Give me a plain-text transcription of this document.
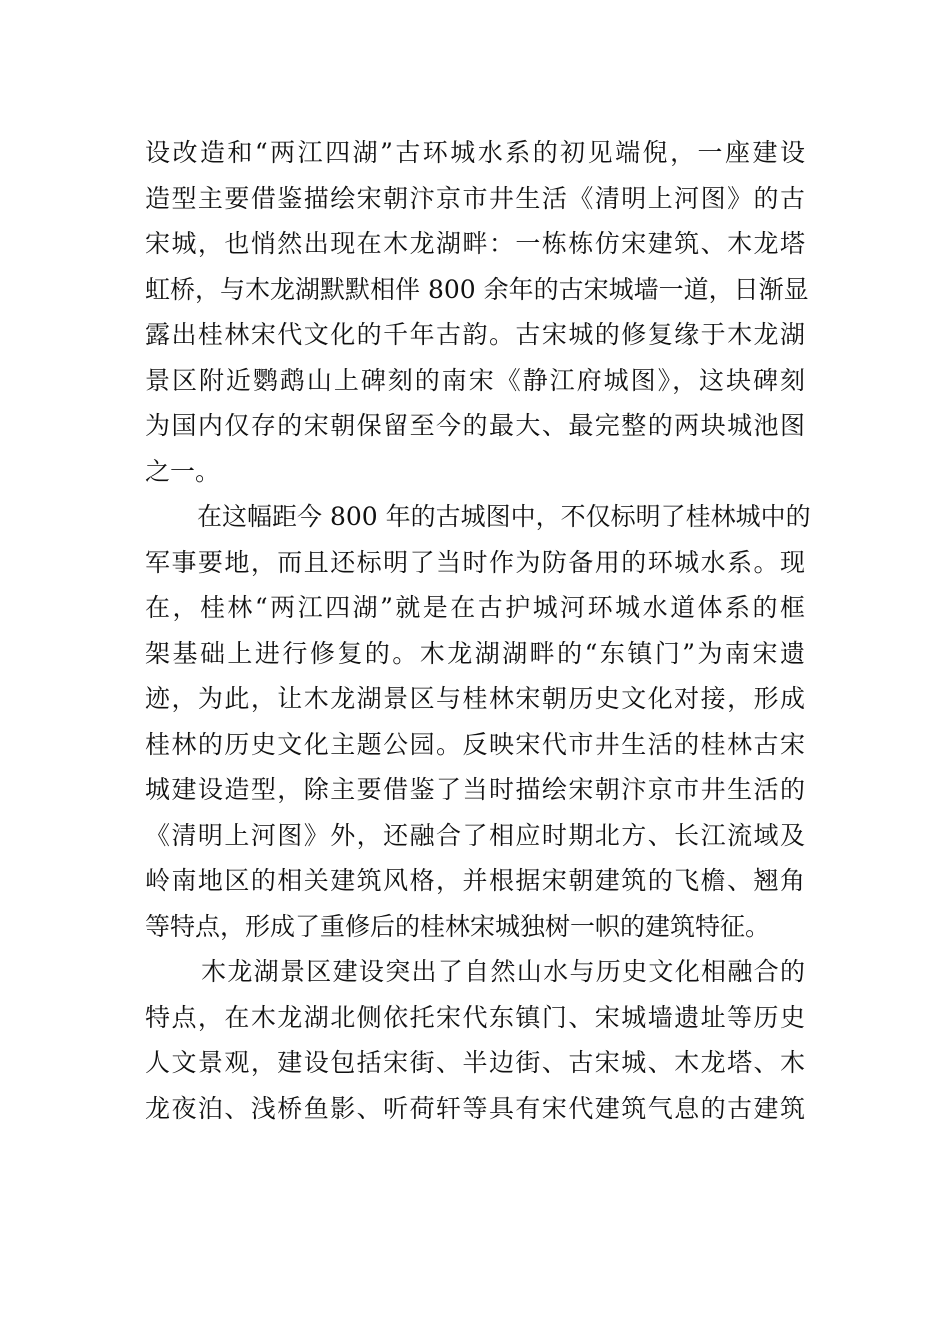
设改造和“两江四湖”古环城水系的初见端倪，一座建设
造型主要借鉴描绘宋朝汴京市井生活《清明上河图》的古
宋城，也悄然出现在木龙湖畔：一栋栋仿宋建筑、木龙塔
虹桥，与木龙湖默默相伴 800 余年的古宋城墙一道，日渐显
露出桂林宋代文化的千年古韵。古宋城的修复缘于木龙湖
景区附近鹦鹉山上碑刻的南宋《静江府城图》，这块碑刻
为国内仅存的宋朝保留至今的最大、最完整的两块城池图
之一。
在这幅距今 800 年的古城图中，不仅标明了桂林城中的
军事要地，而且还标明了当时作为防备用的环城水系。现
在，桂林“两江四湖”就是在古护城河环城水道体系的框
架基础上进行修复的。木龙湖湖畔的“东镇门”为南宋遗
迹，为此，让木龙湖景区与桂林宋朝历史文化对接，形成
桂林的历史文化主题公园。反映宋代市井生活的桂林古宋
城建设造型，除主要借鉴了当时描绘宋朝汴京市井生活的
《清明上河图》外，还融合了相应时期北方、长江流域及
岭南地区的相关建筑风格，并根据宋朝建筑的飞檐、翘角
等特点，形成了重修后的桂林宋城独树一帜的建筑特征。
木龙湖景区建设突出了自然山水与历史文化相融合的
特点，在木龙湖北侧依托宋代东镇门、宋城墙遗址等历史
人文景观，建设包括宋街、半边街、古宋城、木龙塔、木
龙夜泊、浅桥鱼影、听荷轩等具有宋代建筑气息的古建筑
